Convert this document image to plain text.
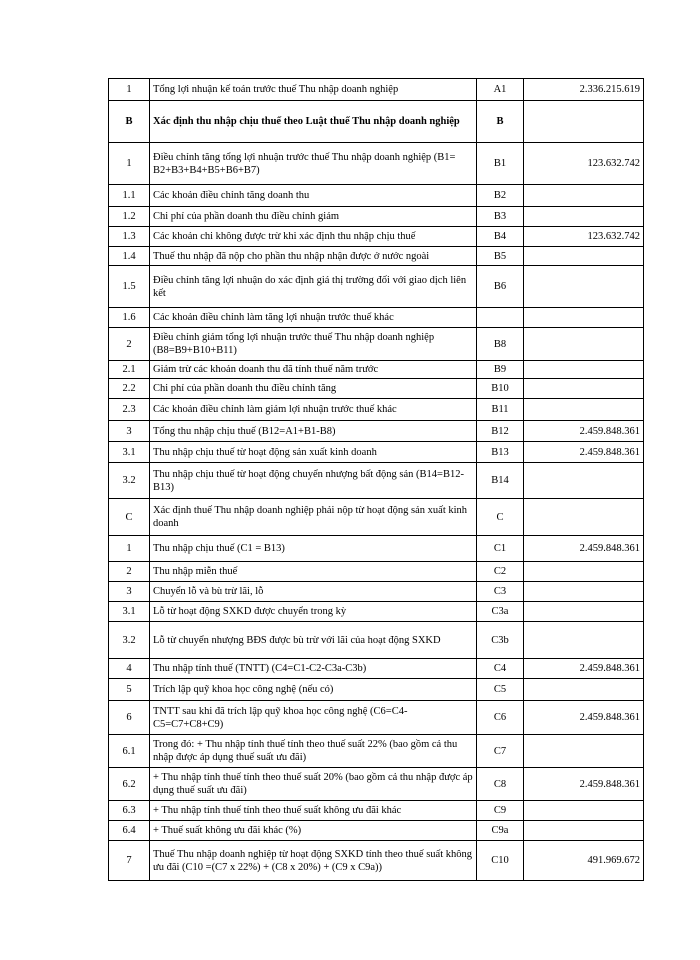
1	Tổng lợi nhuận kế toán trước thuế Thu nhập doanh nghiệp	A1	2.336.215.619
B	Xác định thu nhập chịu thuế theo Luật thuế Thu nhập doanh nghiệp	B	
1	Điều chỉnh tăng tổng lợi nhuận trước thuế Thu nhập doanh nghiệp (B1= B2+B3+B4+B5+B6+B7)	B1	123.632.742
1.1	Các khoản điều chỉnh tăng doanh thu	B2	
1.2	Chi phí của phần doanh thu điều chỉnh giảm	B3	
1.3	Các khoản chi không được trừ khi xác định thu nhập chịu thuế	B4	123.632.742
1.4	Thuế thu nhập đã nộp cho phần thu nhập nhận được ở nước ngoài	B5	
1.5	Điều chỉnh tăng lợi nhuận do xác định giá thị trường đối với giao dịch liên kết	B6	
1.6	Các khoản điều chỉnh làm tăng lợi nhuận trước thuế khác		
2	Điều chỉnh giảm tổng lợi nhuận trước thuế Thu nhập doanh nghiệp (B8=B9+B10+B11)	B8	
2.1	Giảm trừ các khoản doanh thu đã tính thuế năm trước	B9	
2.2	Chi phí của phần doanh thu điều chỉnh tăng	B10	
2.3	Các khoản điều chỉnh làm giảm lợi nhuận trước thuế khác	B11	
3	Tổng thu nhập chịu thuế (B12=A1+B1-B8)	B12	2.459.848.361
3.1	Thu nhập chịu thuế từ hoạt động sản xuất kinh doanh	B13	2.459.848.361
3.2	Thu nhập chịu thuế từ hoạt động chuyển nhượng bất động sản (B14=B12-B13)	B14	
C	Xác định thuế Thu nhập doanh nghiệp phải nộp từ hoạt động sản xuất kinh doanh	C	
1	Thu nhập chịu thuế (C1 = B13)	C1	2.459.848.361
2	Thu nhập miễn thuế	C2	
3	Chuyển lỗ và bù trừ lãi, lỗ	C3	
3.1	Lỗ từ hoạt động SXKD được chuyển trong kỳ	C3a	
3.2	Lỗ từ chuyển nhượng BĐS được bù trừ với lãi của hoạt động SXKD	C3b	
4	Thu nhập tính thuế (TNTT) (C4=C1-C2-C3a-C3b)	C4	2.459.848.361
5	Trích lập quỹ khoa học công nghệ (nếu có)	C5	
6	TNTT sau khi đã trích lập quỹ khoa học công nghệ (C6=C4-C5=C7+C8+C9)	C6	2.459.848.361
6.1	Trong đó: + Thu nhập tính thuế tính theo thuế suất 22% (bao gồm cả thu nhập được áp dụng thuế suất ưu đãi)	C7	
6.2	+ Thu nhập tính thuế tính theo thuế suất 20% (bao gồm cả thu nhập được áp dụng thuế suất ưu đãi)	C8	2.459.848.361
6.3	+ Thu nhập tính thuế tính theo thuế suất không ưu đãi khác	C9	
6.4	+ Thuế suất không ưu đãi khác (%)	C9a	
7	Thuế Thu nhập doanh nghiệp từ hoạt động SXKD tính theo thuế suất không ưu đãi (C10 =(C7 x 22%) + (C8 x 20%) + (C9 x C9a))	C10	491.969.672
